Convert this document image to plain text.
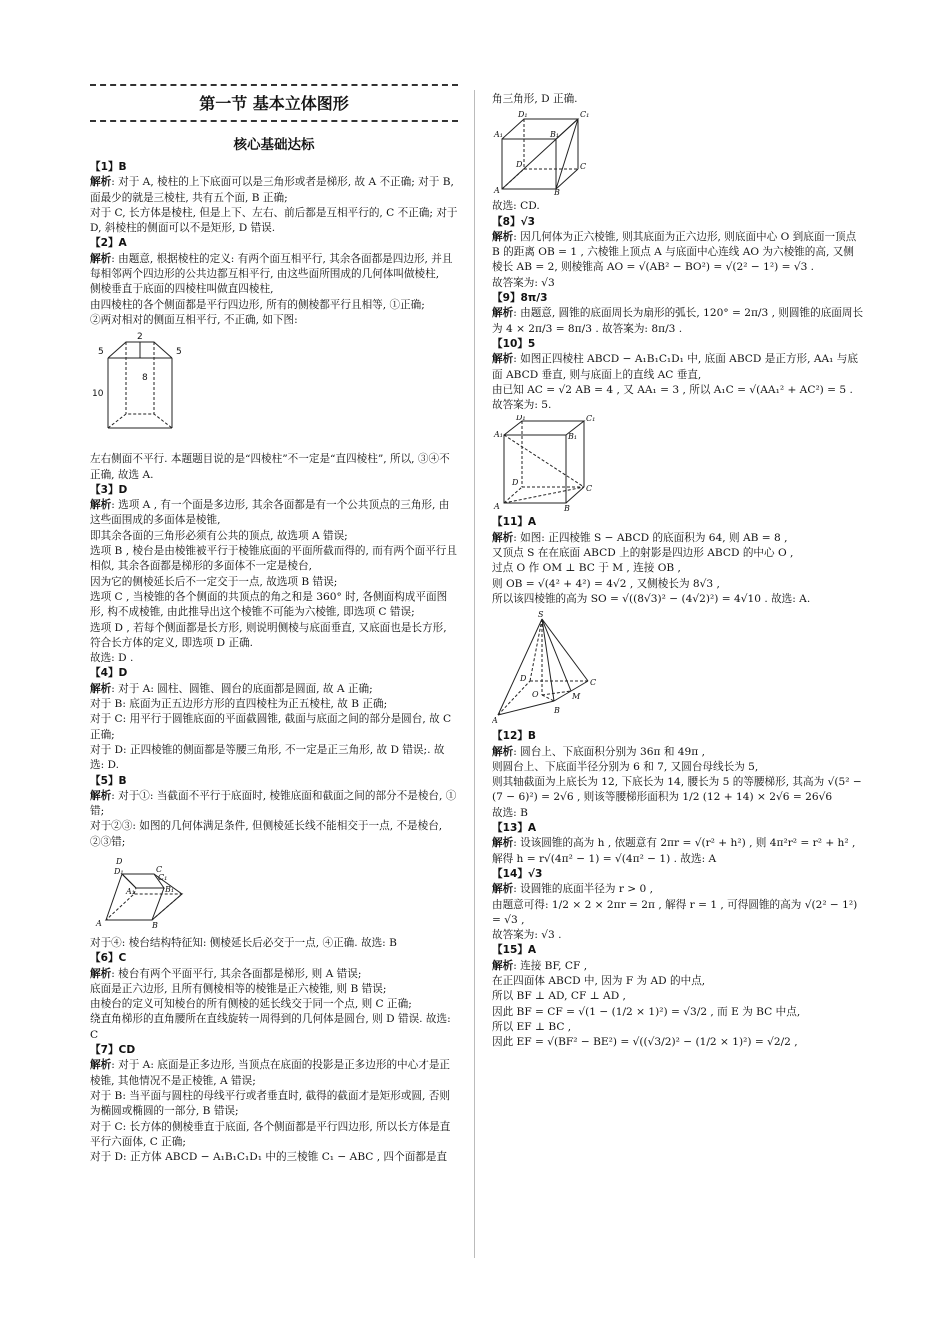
第一节 基本立体图形
核心基础达标

【1】B

解析: 对于 A, 棱柱的上下底面可以是三角形或者是梯形, 故 A 不正确; 对于 B, 面最少的就是三棱柱, 共有五个面, B 正确;

对于 C, 长方体是棱柱, 但是上下、左右、前后都是互相平行的, C 不正确; 对于 D, 斜棱柱的侧面可以不是矩形, D 错误.

【2】A

解析: 由题意, 根据棱柱的定义: 有两个面互相平行, 其余各面都是四边形, 并且每相邻两个四边形的公共边都互相平行, 由这些面所围成的几何体叫做棱柱,

侧棱垂直于底面的四棱柱叫做直四棱柱,

由四棱柱的各个侧面都是平行四边形, 所有的侧棱都平行且相等, ①正确;

②两对相对的侧面互相平行, 不正确, 如下图:

2
5	5
8
10

左右侧面不平行. 本题题目说的是“四棱柱”不一定是“直四棱柱”, 所以, ③④不正确, 故选 A.

【3】D

解析: 选项 A , 有一个面是多边形, 其余各面都是有一个公共顶点的三角形, 由这些面围成的多面体是棱锥,

即其余各面的三角形必须有公共的顶点, 故选项 A 错误;

选项 B , 棱台是由棱锥被平行于棱锥底面的平面所截而得的, 而有两个面平行且相似, 其余各面都是梯形的多面体不一定是棱台,

因为它的侧棱延长后不一定交于一点, 故选项 B 错误;

选项 C , 当棱锥的各个侧面的共顶点的角之和是 360° 时, 各侧面构成平面图形, 构不成棱锥, 由此推导出这个棱锥不可能为六棱锥, 即选项 C 错误;

选项 D , 若每个侧面都是长方形, 则说明侧棱与底面垂直, 又底面也是长方形, 符合长方体的定义, 即选项 D 正确.

故选: D .

【4】D

解析: 对于 A: 圆柱、圆锥、圆台的底面都是圆面, 故 A 正确;

对于 B: 底面为正五边形方形的直四棱柱为正五棱柱, 故 B 正确;

对于 C: 用平行于圆锥底面的平面截圆锥, 截面与底面之间的部分是圆台, 故 C 正确;

对于 D: 正四棱锥的侧面都是等腰三角形, 不一定是正三角形, 故 D 错误;. 故选: D.

【5】B

解析: 对于①: 当截面不平行于底面时, 棱锥底面和截面之间的部分不是棱台, ①错;

对于②③: 如图的几何体满足条件, 但侧棱延长线不能相交于一点, 不是棱台, ②③错;

D
C
D₁
C₁
A₁	B₁
A	B

对于④: 棱台结构特征知: 侧棱延长后必交于一点, ④正确. 故选: B

【6】C

解析: 棱台有两个平面平行, 其余各面都是梯形, 则 A 错误;

底面是正六边形, 且所有侧棱相等的棱锥是正六棱锥, 则 B 错误;

由棱台的定义可知棱台的所有侧棱的延长线交于同一个点, 则 C 正确;

绕直角梯形的直角腰所在直线旋转一周得到的几何体是圆台, 则 D 错误. 故选: C

【7】CD

解析: 对于 A: 底面是正多边形, 当顶点在底面的投影是正多边形的中心才是正棱锥, 其他情况不是正棱锥, A 错误;

对于 B: 当平面与圆柱的母线平行或者垂直时, 截得的截面才是矩形或圆, 否则为椭圆或椭圆的一部分, B 错误;

对于 C: 长方体的侧棱垂直于底面, 各个侧面都是平行四边形, 所以长方体是直平行六面体, C 正确;

对于 D: 正方体 ABCD − A₁B₁C₁D₁ 中的三棱锥 C₁ − ABC , 四个面都是直

角三角形, D 正确.

D₁	C₁
A₁	B₁
D	C
A	B

故选: CD.

【8】√3

解析: 因几何体为正六棱锥, 则其底面为正六边形, 则底面中心 O 到底面一顶点 B 的距离 OB = 1 , 六棱锥上顶点 A 与底面中心连线 AO 为六棱锥的高, 又侧棱长 AB = 2, 则棱锥高 AO = √(AB² − BO²) = √(2² − 1²) = √3 .

故答案为: √3

【9】8π/3

解析: 由题意, 圆锥的底面周长为扇形的弧长, 120° = 2π/3 , 则圆锥的底面周长为 4 × 2π/3 = 8π/3 . 故答案为: 8π/3 .

【10】5

解析: 如图正四棱柱 ABCD − A₁B₁C₁D₁ 中, 底面 ABCD 是正方形, AA₁ 与底面 ABCD 垂直, 则与底面上的直线 AC 垂直,

由已知 AC = √2 AB = 4 , 又 AA₁ = 3 , 所以 A₁C = √(AA₁² + AC²) = 5 .

故答案为: 5.

D₁	C₁
A₁	B₁
D
C
A	B

【11】A

解析: 如图: 正四棱锥 S − ABCD 的底面积为 64, 则 AB = 8 ,

又顶点 S 在在底面 ABCD 上的射影是四边形 ABCD 的中心 O ,

过点 O 作 OM ⊥ BC 于 M , 连接 OB ,

则 OB = √(4² + 4²) = 4√2 , 又侧棱长为 8√3 ,

所以该四棱锥的高为 SO = √((8√3)² − (4√2)²) = 4√10 . 故选: A.

S
D	C
O	M
A
B

【12】B

解析: 圆台上、下底面积分别为 36π 和 49π ,

则圆台上、下底面半径分别为 6 和 7, 又圆台母线长为 5,

则其轴截面为上底长为 12, 下底长为 14, 腰长为 5 的等腰梯形, 其高为 √(5² − (7 − 6)²) = 2√6 , 则该等腰梯形面积为 1/2 (12 + 14) × 2√6 = 26√6

故选: B

【13】A

解析: 设该圆锥的高为 h , 依题意有 2πr = √(r² + h²) , 则 4π²r² = r² + h² ,

解得 h = r√(4π² − 1) = √(4π² − 1) . 故选: A

【14】√3

解析: 设圆锥的底面半径为 r > 0 ,

由题意可得: 1/2 × 2 × 2πr = 2π , 解得 r = 1 , 可得圆锥的高为 √(2² − 1²) = √3 ,

故答案为: √3 .

【15】A

解析: 连接 BF, CF ,

在正四面体 ABCD 中, 因为 F 为 AD 的中点,

所以 BF ⊥ AD, CF ⊥ AD ,

因此 BF = CF = √(1 − (1/2 × 1)²) = √3/2 , 而 E 为 BC 中点,

所以 EF ⊥ BC ,

因此 EF = √(BF² − BE²) = √((√3/2)² − (1/2 × 1)²) = √2/2 ,
